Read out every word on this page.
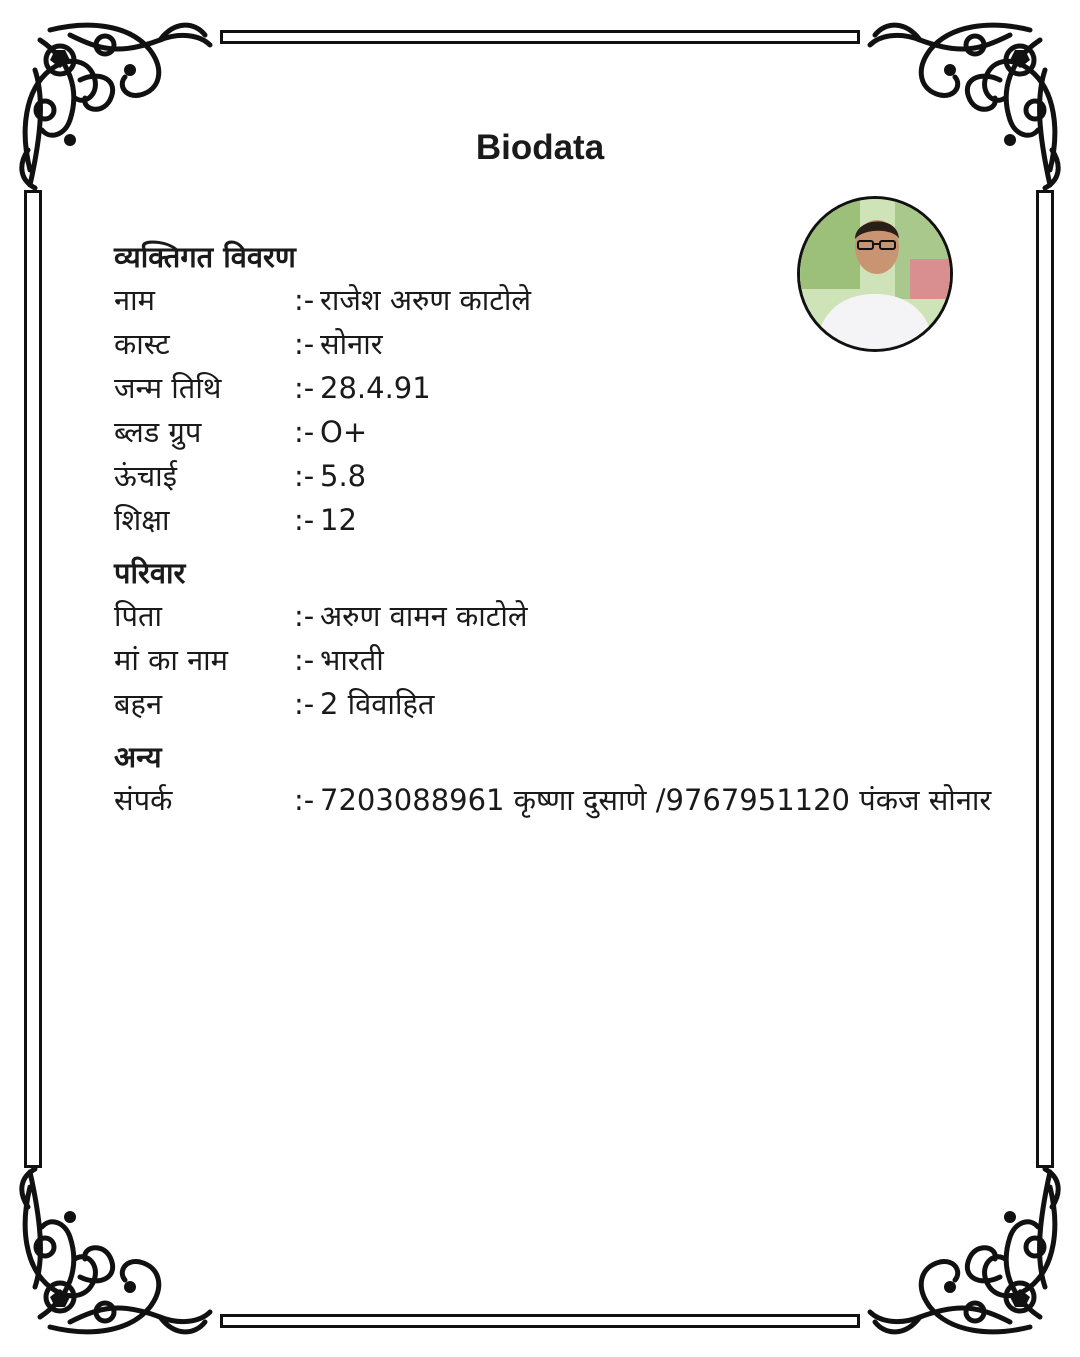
Biodata
व्यक्तिगत विवरण
नाम	:- राजेश अरुण काटोले
कास्ट	:- सोनार
जन्म तिथि	:- 28.4.91
ब्लड ग्रुप	:- O+
ऊंचाई	:- 5.8
शिक्षा	:- 12
परिवार
पिता	:- अरुण वामन काटोले
मां का नाम	:- भारती
बहन	:- 2 विवाहित
अन्य
संपर्क	:- 7203088961 कृष्णा दुसाणे /9767951120 पंकज सोनार
